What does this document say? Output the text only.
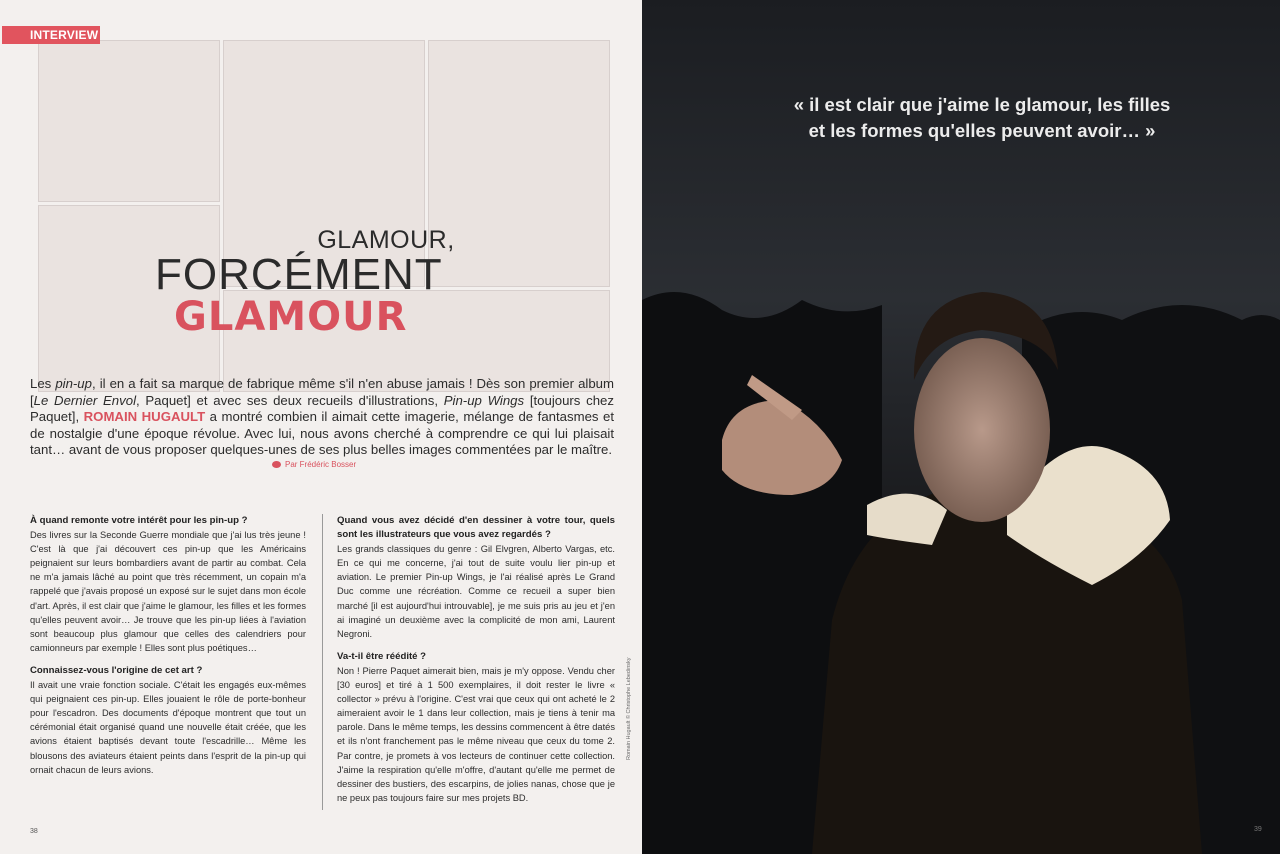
INTERVIEW
GLAMOUR,
FORCÉMENT
GLAMOUR
Les pin-up, il en a fait sa marque de fabrique même s'il n'en abuse jamais ! Dès son premier album [Le Dernier Envol, Paquet] et avec ses deux recueils d'illustrations, Pin-up Wings [toujours chez Paquet], ROMAIN HUGAULT a montré combien il aimait cette imagerie, mélange de fantasmes et de nostalgie d'une époque révolue. Avec lui, nous avons cherché à comprendre ce qui lui plaisait tant… avant de vous proposer quelques-unes de ses plus belles images commentées par le maître.
Par Frédéric Bosser
À quand remonte votre intérêt pour les pin-up ?

Des livres sur la Seconde Guerre mondiale que j'ai lus très jeune ! C'est là que j'ai découvert ces pin-up que les Américains peignaient sur leurs bombardiers avant de partir au combat. Cela ne m'a jamais lâché au point que très récemment, un copain m'a rappelé que j'avais proposé un exposé sur le sujet dans mon école d'art. Après, il est clair que j'aime le glamour, les filles et les formes qu'elles peuvent avoir… Je trouve que les pin-up liées à l'aviation sont beaucoup plus glamour que celles des calendriers pour camionneurs par exemple ! Elles sont plus poétiques…

Connaissez-vous l'origine de cet art ?

Il avait une vraie fonction sociale. C'était les engagés eux-mêmes qui peignaient ces pin-up. Elles jouaient le rôle de porte-bonheur pour l'escadron. Des documents d'époque montrent que tout un cérémonial était organisé quand une nouvelle était créée, que les avions étaient baptisés devant toute l'escadrille… Même les blousons des aviateurs étaient peints dans l'esprit de la pin-up qui ornait chacun de leurs avions.

Quand vous avez décidé d'en dessiner à votre tour, quels sont les illustrateurs que vous avez regardés ?

Les grands classiques du genre : Gil Elvgren, Alberto Vargas, etc. En ce qui me concerne, j'ai tout de suite voulu lier pin-up et aviation. Le premier Pin-up Wings, je l'ai réalisé après Le Grand Duc comme une récréation. Comme ce recueil a super bien marché [il est aujourd'hui introuvable], je me suis pris au jeu et j'en ai imaginé un deuxième avec la complicité de mon ami, Laurent Negroni.

Va-t-il être réédité ?

Non ! Pierre Paquet aimerait bien, mais je m'y oppose. Vendu cher [30 euros] et tiré à 1 500 exemplaires, il doit rester le livre « collector » prévu à l'origine. C'est vrai que ceux qui ont acheté le 2 aimeraient avoir le 1 dans leur collection, mais je tiens à tenir ma parole. Dans le même temps, les dessins commencent à être datés et ils n'ont franchement pas le même niveau que ceux du tome 2. Par contre, je promets à vos lecteurs de continuer cette collection. J'aime la respiration qu'elle m'offre, d'autant qu'elle me permet de dessiner des bustiers, des escarpins, de jolies nanas, chose que je ne peux pas toujours faire sur mes projets BD.

38
« il est clair que j'aime le glamour, les filles
et les formes qu'elles peuvent avoir… »
Romain Hugault © Christophe Lebedinsky
39
